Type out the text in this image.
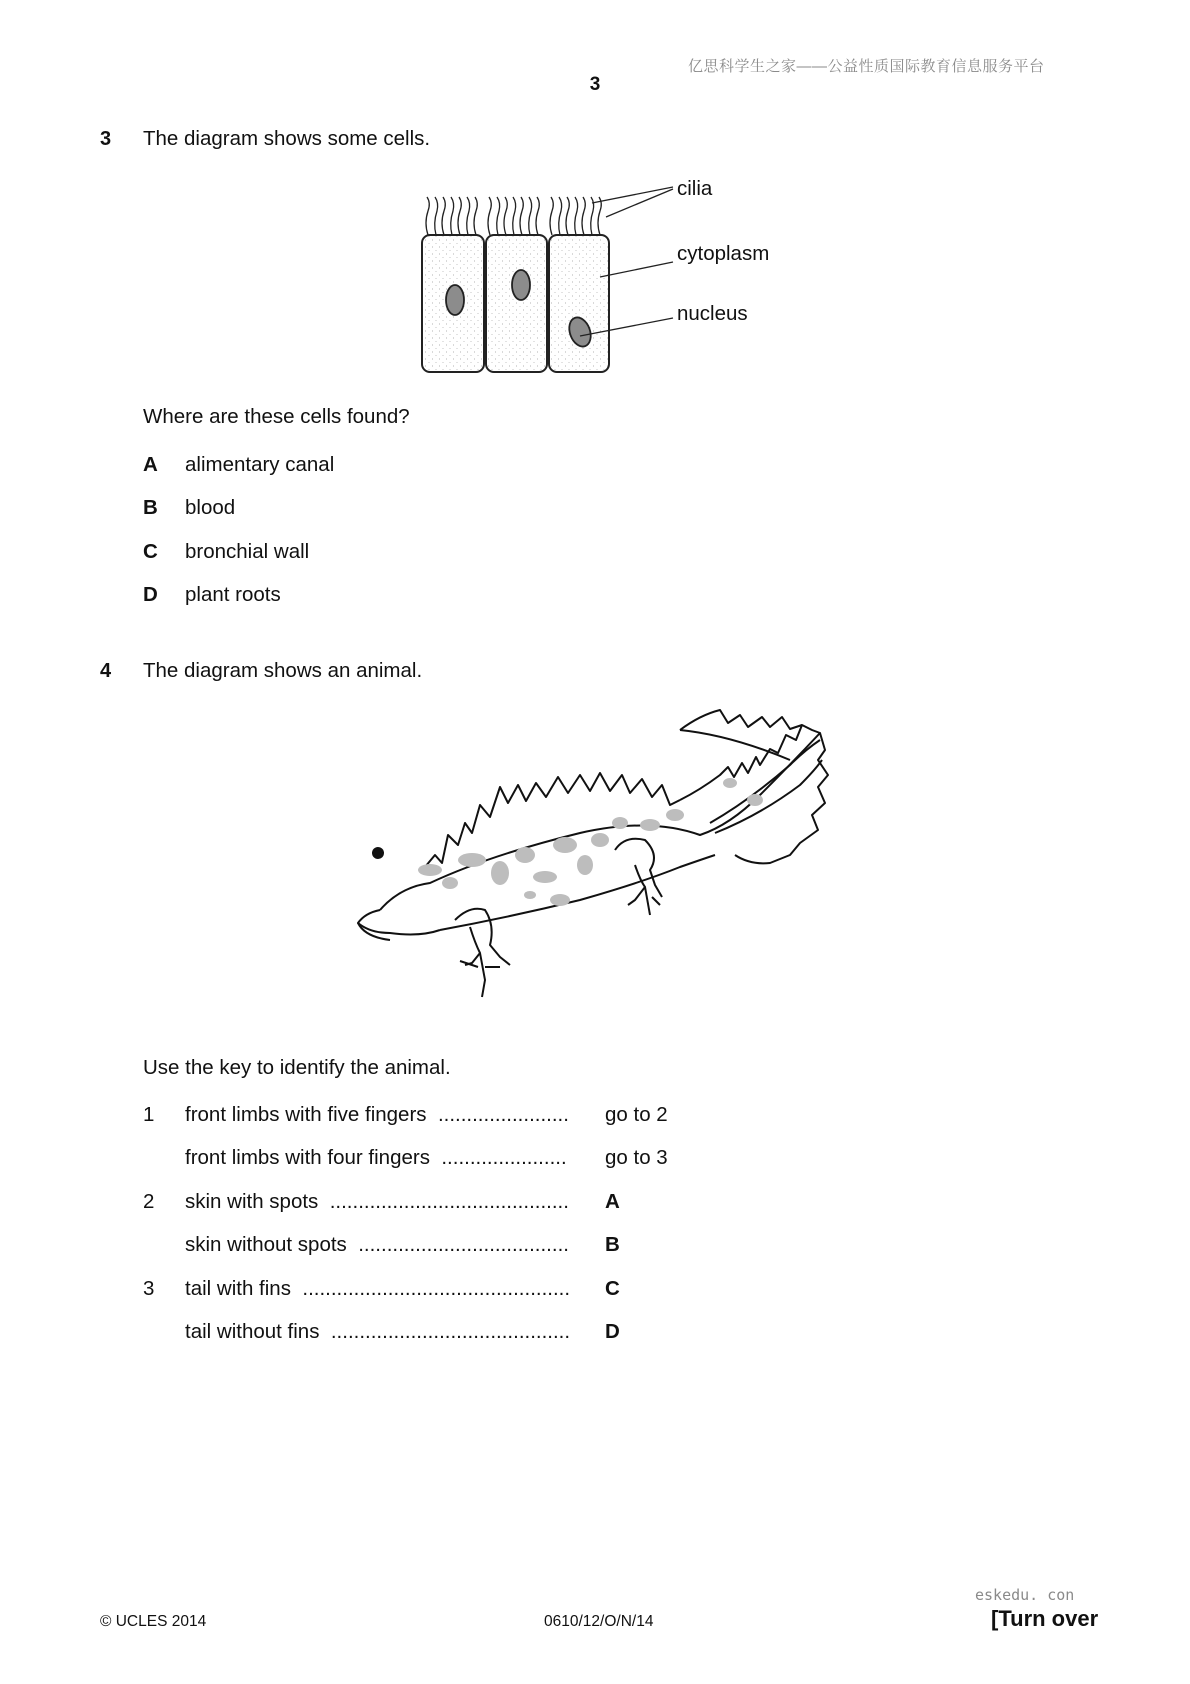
亿思科学生之家——公益性质国际教育信息服务平台
3
3 The diagram shows some cells.
cilia
cytoplasm
nucleus
Where are these cells found?
A alimentary canal
B blood
C bronchial wall
D plant roots
4 The diagram shows an animal.
Use the key to identify the animal.
1 front limbs with five fingers ....................... go to 2
front limbs with four fingers ...................... go to 3
2 skin with spots .......................................... A
skin without spots ..................................... B
3 tail with fins ............................................... C
tail without fins .......................................... D
eskedu. con
© UCLES 2014	0610/12/O/N/14	[Turn over
